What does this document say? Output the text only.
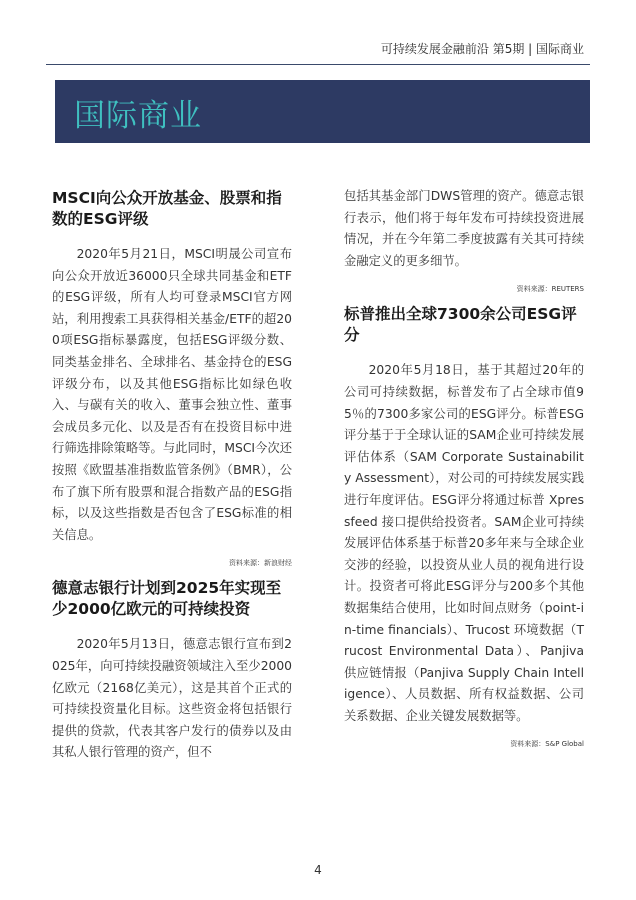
可持续发展金融前沿 第5期 | 国际商业
国际商业
MSCI向公众开放基金、股票和指数的ESG评级

2020年5月21日，MSCI明晟公司宣布向公众开放近36000只全球共同基金和ETF的ESG评级，所有人均可登录MSCI官方网站，利用搜索工具获得相关基金/ETF的超200项ESG指标暴露度，包括ESG评级分数、同类基金排名、全球排名、基金持仓的ESG评级分布，以及其他ESG指标比如绿色收入、与碳有关的收入、董事会独立性、董事会成员多元化、以及是否有在投资目标中进行筛选排除策略等。与此同时，MSCI今次还按照《欧盟基准指数监管条例》（BMR），公布了旗下所有股票和混合指数产品的ESG指标，以及这些指数是否包含了ESG标准的相关信息。

资料来源：新浪财经
德意志银行计划到2025年实现至少2000亿欧元的可持续投资

2020年5月13日，德意志银行宣布到2025年，向可持续投融资领域注入至少2000亿欧元（2168亿美元），这是其首个正式的可持续投资量化目标。这些资金将包括银行提供的贷款，代表其客户发行的债券以及由其私人银行管理的资产，但不

包括其基金部门DWS管理的资产。德意志银行表示，他们将于每年发布可持续投资进展情况，并在今年第二季度披露有关其可持续金融定义的更多细节。

资料来源：REUTERS
标普推出全球7300余公司ESG评分

2020年5月18日，基于其超过20年的公司可持续数据，标普发布了占全球市值95％的7300多家公司的ESG评分。标普ESG评分基于于全球认证的SAM企业可持续发展评估体系（SAM Corporate Sustainability Assessment），对公司的可持续发展实践进行年度评估。ESG评分将通过标普 Xpressfeed 接口提供给投资者。SAM企业可持续发展评估体系基于标普20多年来与全球企业交涉的经验，以投资从业人员的视角进行设计。投资者可将此ESG评分与200多个其他数据集结合使用，比如时间点财务（point-in-time financials）、Trucost 环境数据（Trucost Environmental Data）、Panjiva 供应链情报（Panjiva Supply Chain Intelligence）、人员数据、所有权益数据、公司关系数据、企业关键发展数据等。

资料来源：S&P Global
4
